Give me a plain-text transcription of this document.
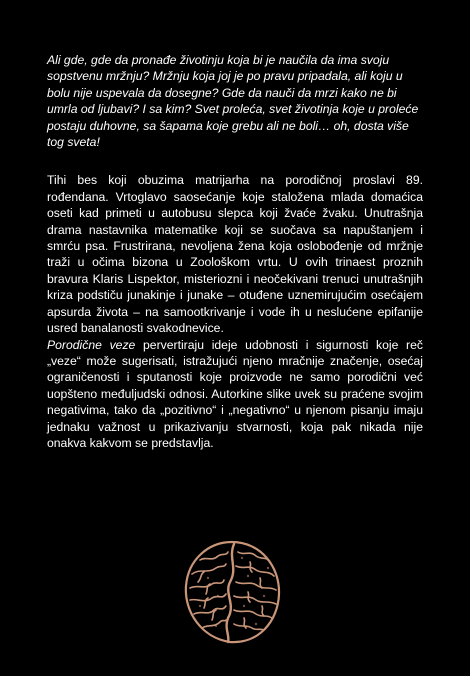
Ali gde, gde da pronađe životinju koja bi je naučila da ima svoju sopstvenu mržnju? Mržnju koja joj je po pravu pripadala, ali koju u bolu nije uspevala da dosegne? Gde da nauči da mrzi kako ne bi umrla od ljubavi? I sa kim? Svet proleća, svet životinja koje u proleće postaju duhovne, sa šapama koje grebu ali ne boli… oh, dosta više tog sveta!

Tihi bes koji obuzima matrijarha na porodičnoj proslavi 89. rođendana. Vrtoglavo saosećanje koje staložena mlada domaćica oseti kad primeti u autobusu slepca koji žvaće žvaku. Unutrašnja drama nastavnika matematike koji se suočava sa napuštanjem i smrću psa. Frustrirana, nevoljena žena koja oslobođenje od mržnje traži u očima bizona u Zoološkom vrtu. U ovih trinaest proznih bravura Klaris Lispektor, misteriozni i neočekivani trenuci unutrašnjih kriza podstiču junakinje i junake – otuđene uznemirujućim osećajem apsurda života – na samootkrivanje i vode ih u neslućene epifanije usred banalanosti svakodnevice.

Porodične veze pervertiraju ideje udobnosti i sigurnosti koje reč „veze“ može sugerisati, istražujući njeno mračnije značenje, osećaj ograničenosti i sputanosti koje proizvode ne samo porodični već uopšteno međuljudski odnosi. Autorkine slike uvek su praćene svojim negativima, tako da „pozitivno“ i „negativno“ u njenom pisanju imaju jednaku važnost u prikazivanju stvarnosti, koja pak nikada nije onakva kakvom se predstavlja.
